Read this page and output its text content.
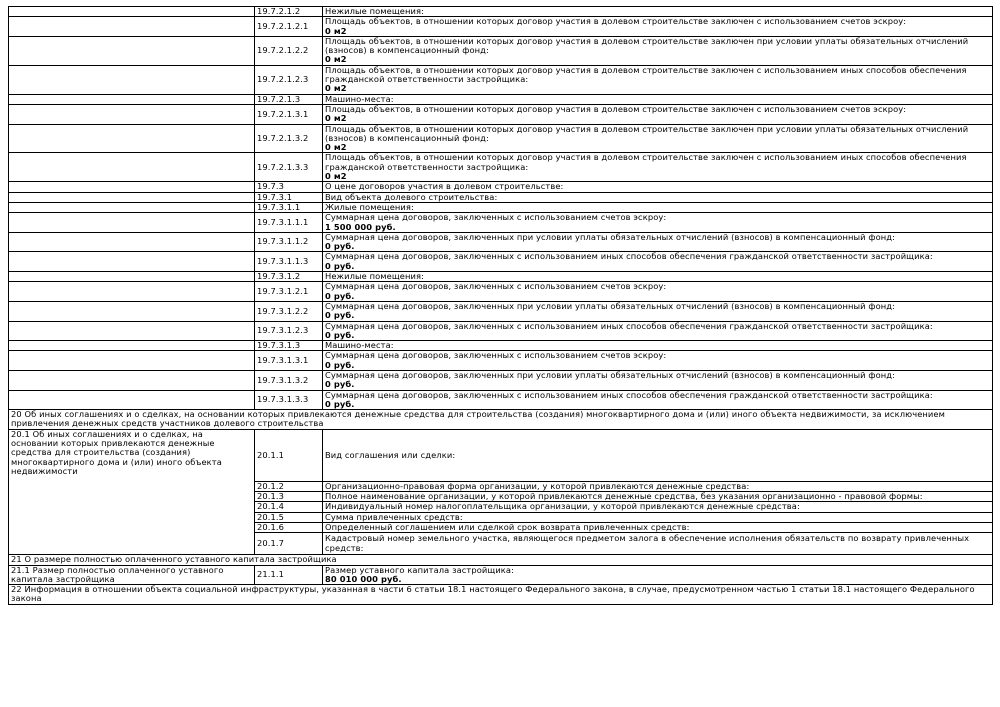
	19.7.2.1.2	Нежилые помещения:

	19.7.2.1.2.1	Площадь объектов, в отношении которых договор участия в долевом строительстве заключен с использованием счетов эскроу:
0 м2

	19.7.2.1.2.2	Площадь объектов, в отношении которых договор участия в долевом строительстве заключен при условии уплаты обязательных отчислений (взносов) в компенсационный фонд:
0 м2

	19.7.2.1.2.3	Площадь объектов, в отношении которых договор участия в долевом строительстве заключен с использованием иных способов обеспечения гражданской ответственности застройщика:
0 м2

	19.7.2.1.3	Машино-места:

	19.7.2.1.3.1	Площадь объектов, в отношении которых договор участия в долевом строительстве заключен с использованием счетов эскроу:
0 м2

	19.7.2.1.3.2	Площадь объектов, в отношении которых договор участия в долевом строительстве заключен при условии уплаты обязательных отчислений (взносов) в компенсационный фонд:
0 м2

	19.7.2.1.3.3	Площадь объектов, в отношении которых договор участия в долевом строительстве заключен с использованием иных способов обеспечения гражданской ответственности застройщика:
0 м2

	19.7.3	О цене договоров участия в долевом строительстве:

	19.7.3.1	Вид объекта долевого строительства:

	19.7.3.1.1	Жилые помещения:

	19.7.3.1.1.1	Суммарная цена договоров, заключенных с использованием счетов эскроу:
1 500 000 руб.

	19.7.3.1.1.2	Суммарная цена договоров, заключенных при условии уплаты обязательных отчислений (взносов) в компенсационный фонд:
0 руб.

	19.7.3.1.1.3	Суммарная цена договоров, заключенных с использованием иных способов обеспечения гражданской ответственности застройщика:
0 руб.

	19.7.3.1.2	Нежилые помещения:

	19.7.3.1.2.1	Суммарная цена договоров, заключенных с использованием счетов эскроу:
0 руб.

	19.7.3.1.2.2	Суммарная цена договоров, заключенных при условии уплаты обязательных отчислений (взносов) в компенсационный фонд:
0 руб.

	19.7.3.1.2.3	Суммарная цена договоров, заключенных с использованием иных способов обеспечения гражданской ответственности застройщика:
0 руб.

	19.7.3.1.3	Машино-места:

	19.7.3.1.3.1	Суммарная цена договоров, заключенных с использованием счетов эскроу:
0 руб.

	19.7.3.1.3.2	Суммарная цена договоров, заключенных при условии уплаты обязательных отчислений (взносов) в компенсационный фонд:
0 руб.

	19.7.3.1.3.3	Суммарная цена договоров, заключенных с использованием иных способов обеспечения гражданской ответственности застройщика:
0 руб.

20 Об иных соглашениях и о сделках, на основании которых привлекаются денежные средства для строительства (создания) многоквартирного дома и (или) иного объекта недвижимости, за исключением привлечения денежных средств участников долевого строительства		
20.1 Об иных соглашениях и о сделках, на основании которых привлекаются денежные средства для строительства (создания) многоквартирного дома и (или) иного объекта недвижимости	20.1.1	Вид соглашения или сделки:
	20.1.2	Организационно-правовая форма организации, у которой привлекаются денежные средства:
	20.1.3	Полное наименование организации, у которой привлекаются денежные средства, без указания организационно - правовой формы:
	20.1.4	Индивидуальный номер налогоплательщика организации, у которой привлекаются денежные средства:
	20.1.5	Сумма привлеченных средств:
	20.1.6	Определенный соглашением или сделкой срок возврата привлеченных средств:
	20.1.7	Кадастровый номер земельного участка, являющегося предметом залога в обеспечение исполнения обязательств по возврату привлеченных средств:
21 О размере полностью оплаченного уставного капитала застройщика		
21.1 Размер полностью оплаченного уставного капитала застройщика	21.1.1	Размер уставного капитала застройщика:
80 010 000 руб.

22 Информация в отношении объекта социальной инфраструктуры, указанная в части 6 статьи 18.1 настоящего Федерального закона, в случае, предусмотренном частью 1 статьи 18.1 настоящего Федерального закона		
